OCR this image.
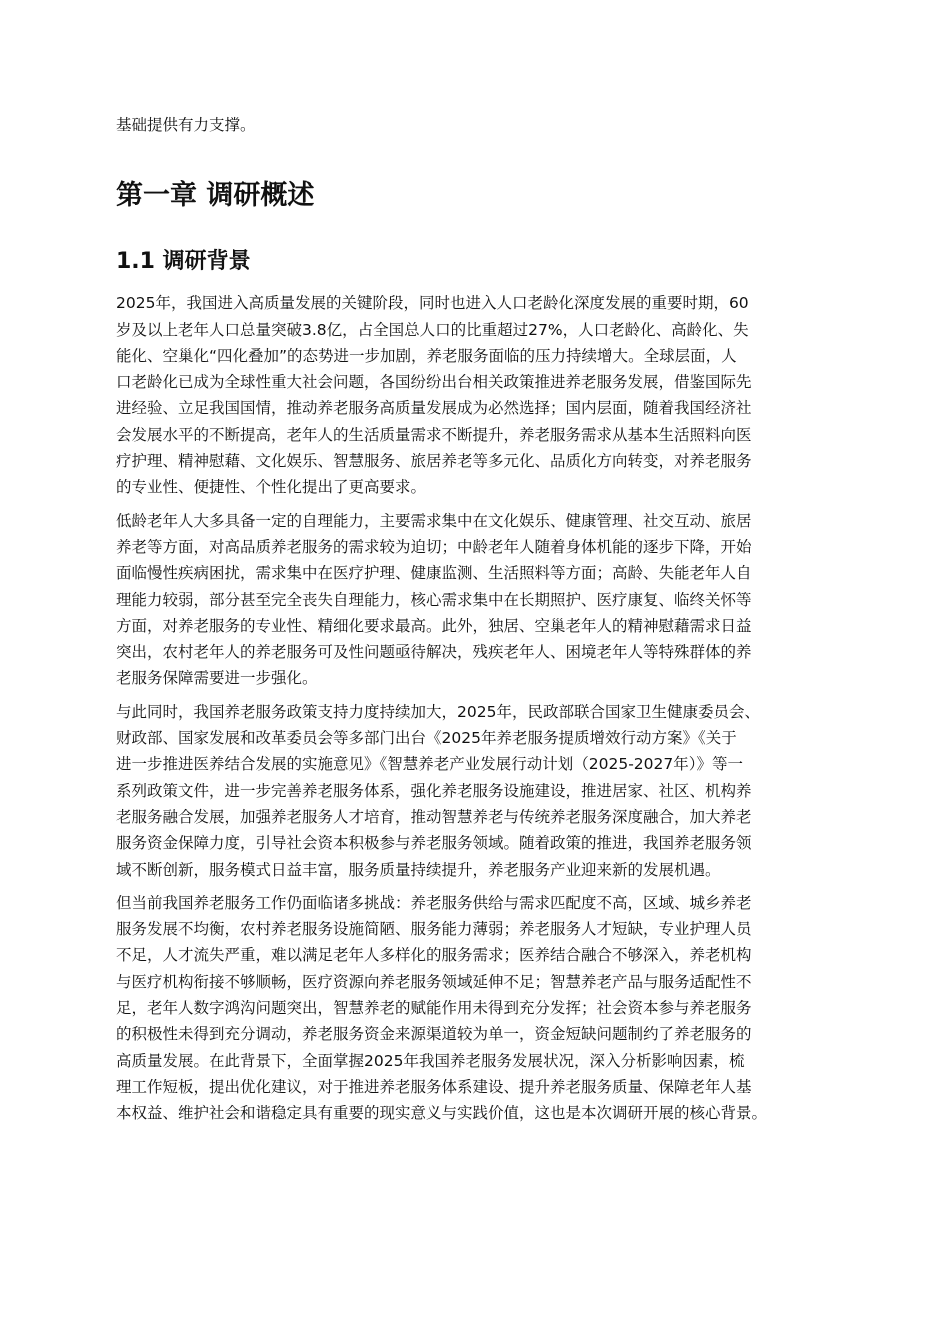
基础提供有力支撑。
第一章 调研概述
1.1 调研背景
2025年，我国进入高质量发展的关键阶段，同时也进入人口老龄化深度发展的重要时期，60
岁及以上老年人口总量突破3.8亿，占全国总人口的比重超过27%，人口老龄化、高龄化、失
能化、空巢化“四化叠加”的态势进一步加剧，养老服务面临的压力持续增大。全球层面，人
口老龄化已成为全球性重大社会问题，各国纷纷出台相关政策推进养老服务发展，借鉴国际先
进经验、立足我国国情，推动养老服务高质量发展成为必然选择；国内层面，随着我国经济社
会发展水平的不断提高，老年人的生活质量需求不断提升，养老服务需求从基本生活照料向医
疗护理、精神慰藉、文化娱乐、智慧服务、旅居养老等多元化、品质化方向转变，对养老服务
的专业性、便捷性、个性化提出了更高要求。
低龄老年人大多具备一定的自理能力，主要需求集中在文化娱乐、健康管理、社交互动、旅居
养老等方面，对高品质养老服务的需求较为迫切；中龄老年人随着身体机能的逐步下降，开始
面临慢性疾病困扰，需求集中在医疗护理、健康监测、生活照料等方面；高龄、失能老年人自
理能力较弱，部分甚至完全丧失自理能力，核心需求集中在长期照护、医疗康复、临终关怀等
方面，对养老服务的专业性、精细化要求最高。此外，独居、空巢老年人的精神慰藉需求日益
突出，农村老年人的养老服务可及性问题亟待解决，残疾老年人、困境老年人等特殊群体的养
老服务保障需要进一步强化。
与此同时，我国养老服务政策支持力度持续加大，2025年，民政部联合国家卫生健康委员会、
财政部、国家发展和改革委员会等多部门出台《2025年养老服务提质增效行动方案》《关于
进一步推进医养结合发展的实施意见》《智慧养老产业发展行动计划（2025-2027年）》等一
系列政策文件，进一步完善养老服务体系，强化养老服务设施建设，推进居家、社区、机构养
老服务融合发展，加强养老服务人才培育，推动智慧养老与传统养老服务深度融合，加大养老
服务资金保障力度，引导社会资本积极参与养老服务领域。随着政策的推进，我国养老服务领
域不断创新，服务模式日益丰富，服务质量持续提升，养老服务产业迎来新的发展机遇。
但当前我国养老服务工作仍面临诸多挑战：养老服务供给与需求匹配度不高，区域、城乡养老
服务发展不均衡，农村养老服务设施简陋、服务能力薄弱；养老服务人才短缺，专业护理人员
不足，人才流失严重，难以满足老年人多样化的服务需求；医养结合融合不够深入，养老机构
与医疗机构衔接不够顺畅，医疗资源向养老服务领域延伸不足；智慧养老产品与服务适配性不
足，老年人数字鸿沟问题突出，智慧养老的赋能作用未得到充分发挥；社会资本参与养老服务
的积极性未得到充分调动，养老服务资金来源渠道较为单一，资金短缺问题制约了养老服务的
高质量发展。在此背景下，全面掌握2025年我国养老服务发展状况，深入分析影响因素，梳
理工作短板，提出优化建议，对于推进养老服务体系建设、提升养老服务质量、保障老年人基
本权益、维护社会和谐稳定具有重要的现实意义与实践价值，这也是本次调研开展的核心背景。
